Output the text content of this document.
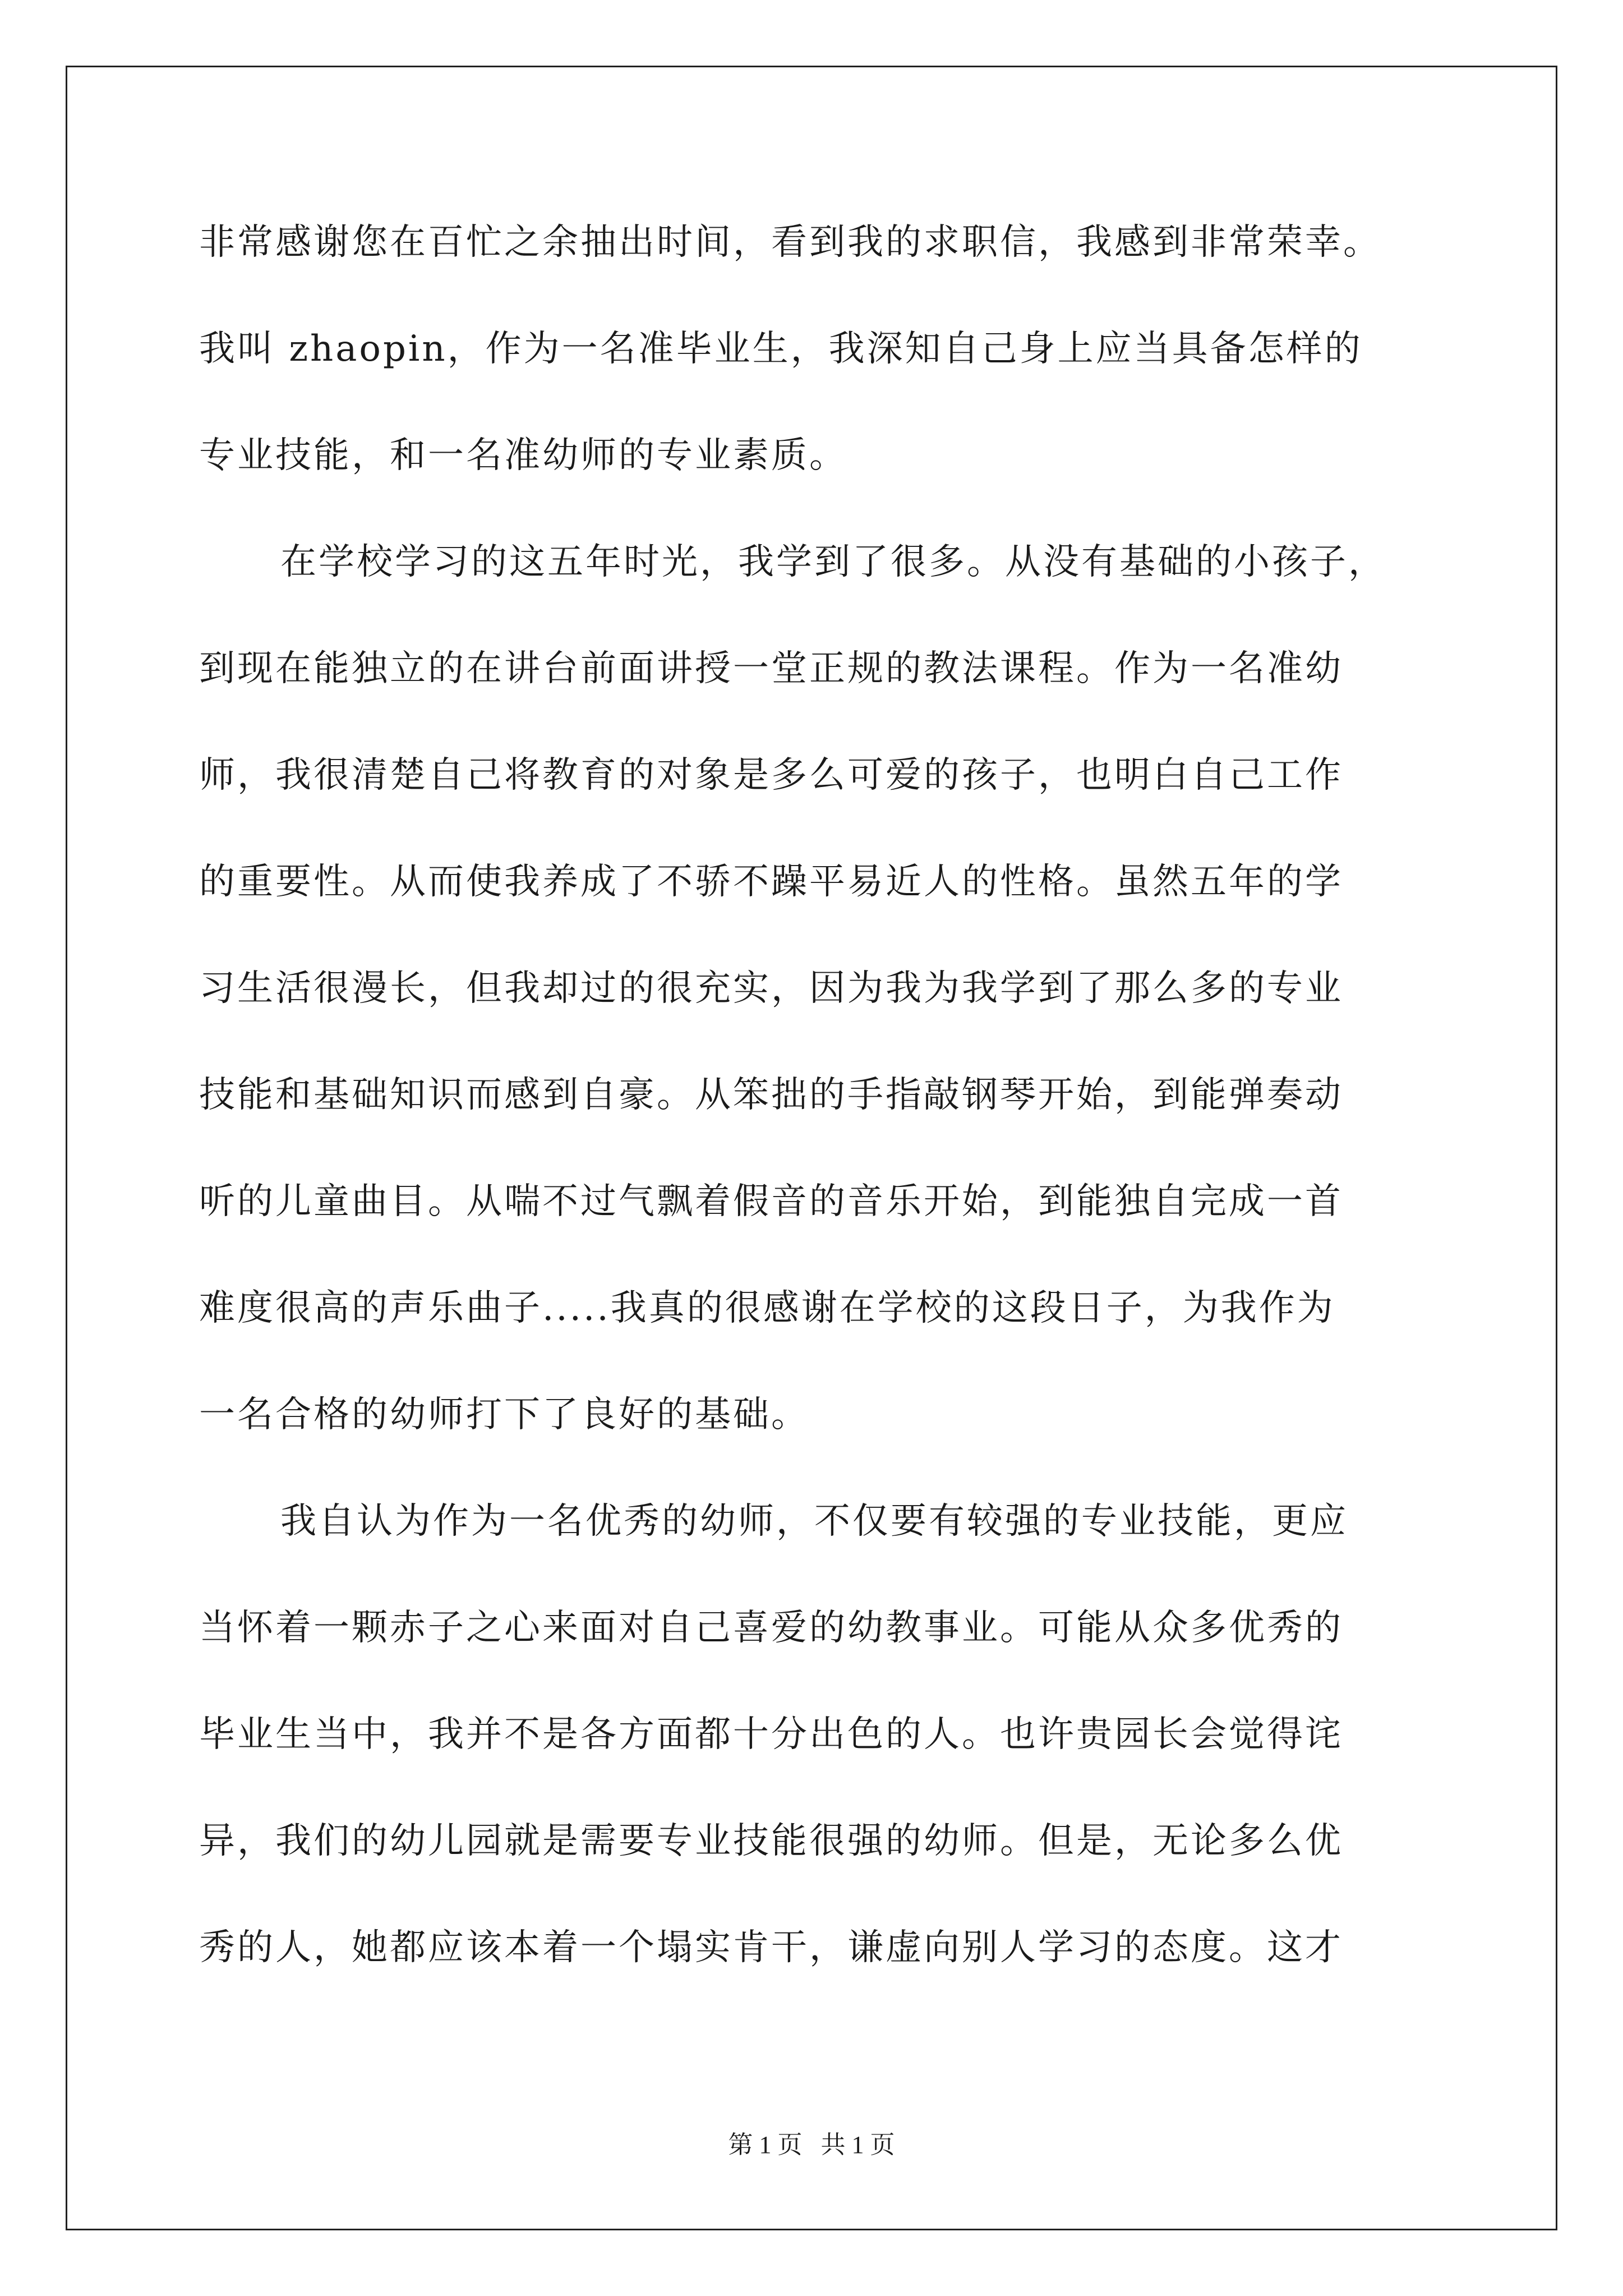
非常感谢您在百忙之余抽出时间，看到我的求职信，我感到非常荣幸。
我叫 zhaopin，作为一名准毕业生，我深知自己身上应当具备怎样的
专业技能，和一名准幼师的专业素质。
在学校学习的这五年时光，我学到了很多。从没有基础的小孩子，
到现在能独立的在讲台前面讲授一堂正规的教法课程。作为一名准幼
师，我很清楚自己将教育的对象是多么可爱的孩子，也明白自己工作
的重要性。从而使我养成了不骄不躁平易近人的性格。虽然五年的学
习生活很漫长，但我却过的很充实，因为我为我学到了那么多的专业
技能和基础知识而感到自豪。从笨拙的手指敲钢琴开始，到能弹奏动
听的儿童曲目。从喘不过气飘着假音的音乐开始，到能独自完成一首
难度很高的声乐曲子.....我真的很感谢在学校的这段日子，为我作为
一名合格的幼师打下了良好的基础。
我自认为作为一名优秀的幼师，不仅要有较强的专业技能，更应
当怀着一颗赤子之心来面对自己喜爱的幼教事业。可能从众多优秀的
毕业生当中，我并不是各方面都十分出色的人。也许贵园长会觉得诧
异，我们的幼儿园就是需要专业技能很强的幼师。但是，无论多么优
秀的人，她都应该本着一个塌实肯干，谦虚向别人学习的态度。这才
第 1 页   共 1 页
